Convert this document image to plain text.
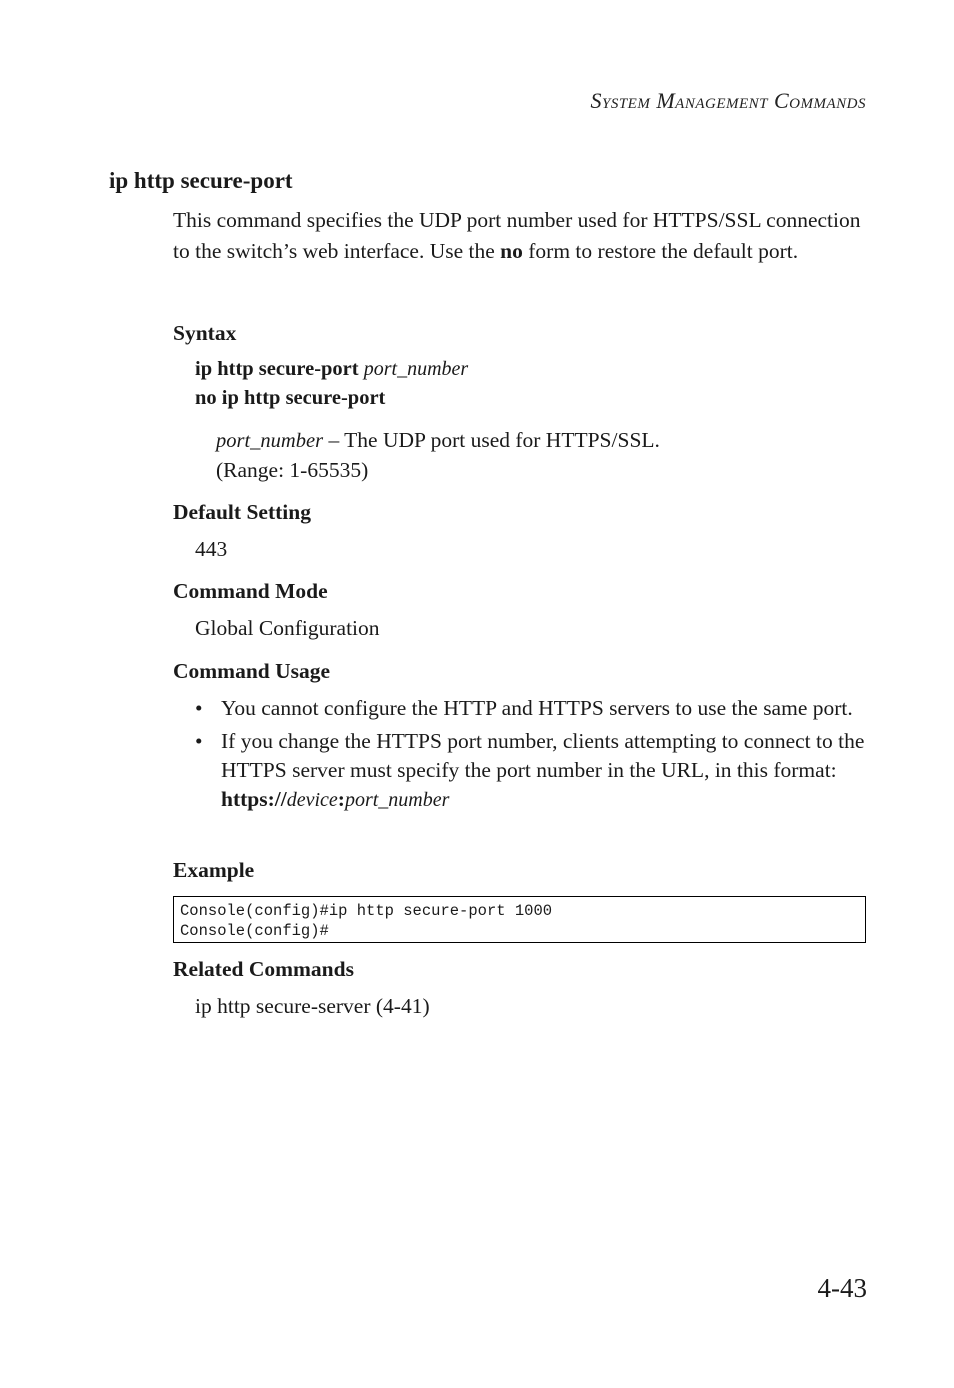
System Management Commands
ip http secure-port
This command specifies the UDP port number used for HTTPS/SSL connection to the switch’s web interface. Use the no form to restore the default port.
Syntax
ip http secure-port port_number
no ip http secure-port
port_number – The UDP port used for HTTPS/SSL.
(Range: 1-65535)
Default Setting
443
Command Mode
Global Configuration
Command Usage
• You cannot configure the HTTP and HTTPS servers to use the same port.
• If you change the HTTPS port number, clients attempting to connect to the HTTPS server must specify the port number in the URL, in this format: https://device:port_number
Example
Console(config)#ip http secure-port 1000
Console(config)#
Related Commands
ip http secure-server (4-41)
4-43
